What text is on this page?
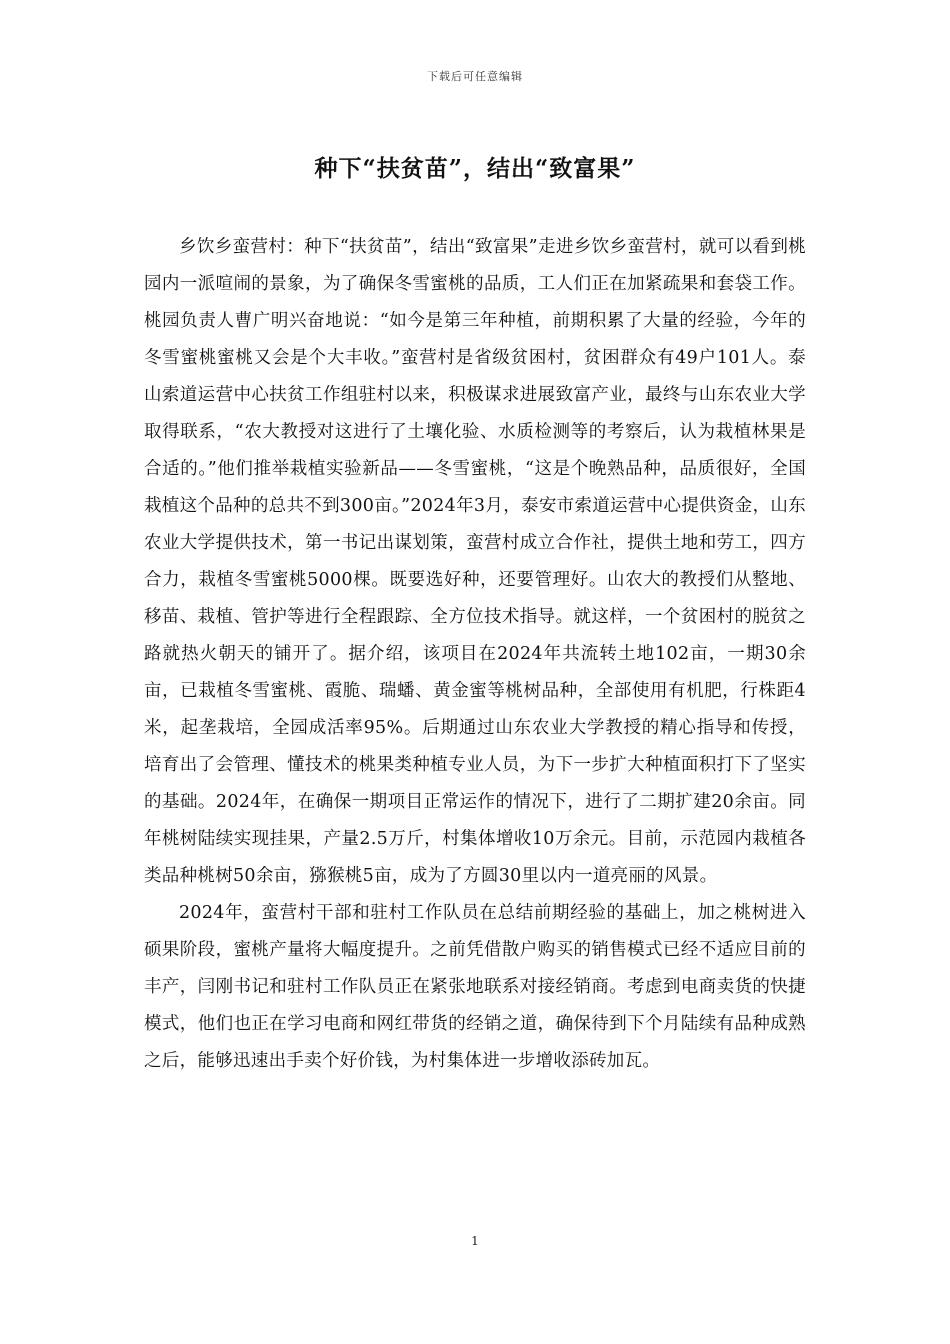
下载后可任意编辑
种下“扶贫苗”，结出“致富果”

乡饮乡蛮营村：种下“扶贫苗”，结出“致富果”走进乡饮乡蛮营村，就可以看到桃园内一派喧闹的景象，为了确保冬雪蜜桃的品质，工人们正在加紧疏果和套袋工作。桃园负责人曹广明兴奋地说：“如今是第三年种植，前期积累了大量的经验，今年的冬雪蜜桃蜜桃又会是个大丰收。”蛮营村是省级贫困村，贫困群众有49户101人。泰山索道运营中心扶贫工作组驻村以来，积极谋求进展致富产业，最终与山东农业大学取得联系，“农大教授对这进行了土壤化验、水质检测等的考察后，认为栽植林果是合适的。”他们推举栽植实验新品——冬雪蜜桃，“这是个晚熟品种，品质很好，全国栽植这个品种的总共不到300亩。”2024年3月，泰安市索道运营中心提供资金，山东农业大学提供技术，第一书记出谋划策，蛮营村成立合作社，提供土地和劳工，四方合力，栽植冬雪蜜桃5000棵。既要选好种，还要管理好。山农大的教授们从整地、移苗、栽植、管护等进行全程跟踪、全方位技术指导。就这样，一个贫困村的脱贫之路就热火朝天的铺开了。据介绍，该项目在2024年共流转土地102亩，一期30余亩，已栽植冬雪蜜桃、霞脆、瑞蟠、黄金蜜等桃树品种，全部使用有机肥，行株距4米，起垄栽培，全园成活率95%。后期通过山东农业大学教授的精心指导和传授，培育出了会管理、懂技术的桃果类种植专业人员，为下一步扩大种植面积打下了坚实的基础。2024年，在确保一期项目正常运作的情况下，进行了二期扩建20余亩。同年桃树陆续实现挂果，产量2.5万斤，村集体增收10万余元。目前，示范园内栽植各类品种桃树50余亩，猕猴桃5亩，成为了方圆30里以内一道亮丽的风景。

2024年，蛮营村干部和驻村工作队员在总结前期经验的基础上，加之桃树进入硕果阶段，蜜桃产量将大幅度提升。之前凭借散户购买的销售模式已经不适应目前的丰产，闫刚书记和驻村工作队员正在紧张地联系对接经销商。考虑到电商卖货的快捷模式，他们也正在学习电商和网红带货的经销之道，确保待到下个月陆续有品种成熟之后，能够迅速出手卖个好价钱，为村集体进一步增收添砖加瓦。

1
